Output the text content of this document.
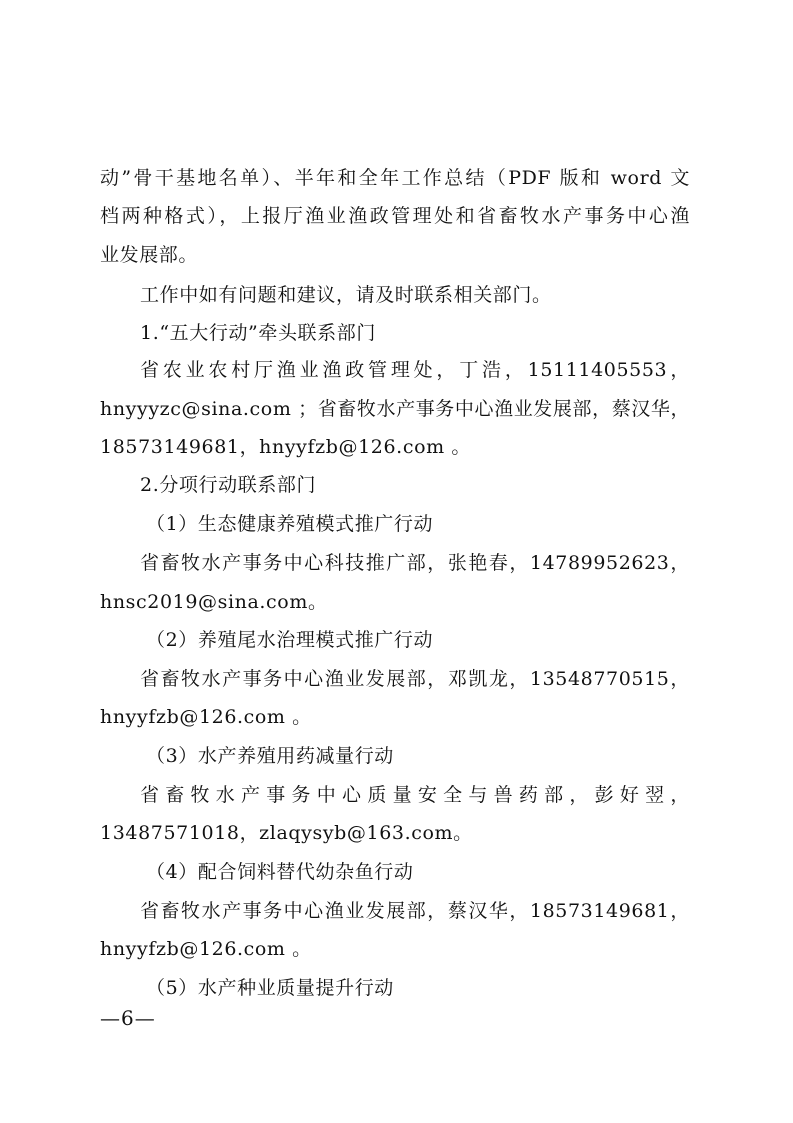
动”骨干基地名单）、半年和全年工作总结（PDF 版和 word 文
档两种格式），上报厅渔业渔政管理处和省畜牧水产事务中心渔
业发展部。
工作中如有问题和建议，请及时联系相关部门。
1.“五大行动”牵头联系部门
省农业农村厅渔业渔政管理处，丁浩，15111405553，
hnyyyzc@sina.com ；省畜牧水产事务中心渔业发展部，蔡汉华，
18573149681，hnyyfzb@126.com 。
2.分项行动联系部门
（1）生态健康养殖模式推广行动
省畜牧水产事务中心科技推广部，张艳春，14789952623，
hnsc2019@sina.com。
（2）养殖尾水治理模式推广行动
省畜牧水产事务中心渔业发展部，邓凯龙，13548770515，
hnyyfzb@126.com 。
（3）水产养殖用药减量行动
省畜牧水产事务中心质量安全与兽药部，彭好翌，
13487571018，zlaqysyb@163.com。
（4）配合饲料替代幼杂鱼行动
省畜牧水产事务中心渔业发展部，蔡汉华，18573149681，
hnyyfzb@126.com 。
（5）水产种业质量提升行动
—6—
